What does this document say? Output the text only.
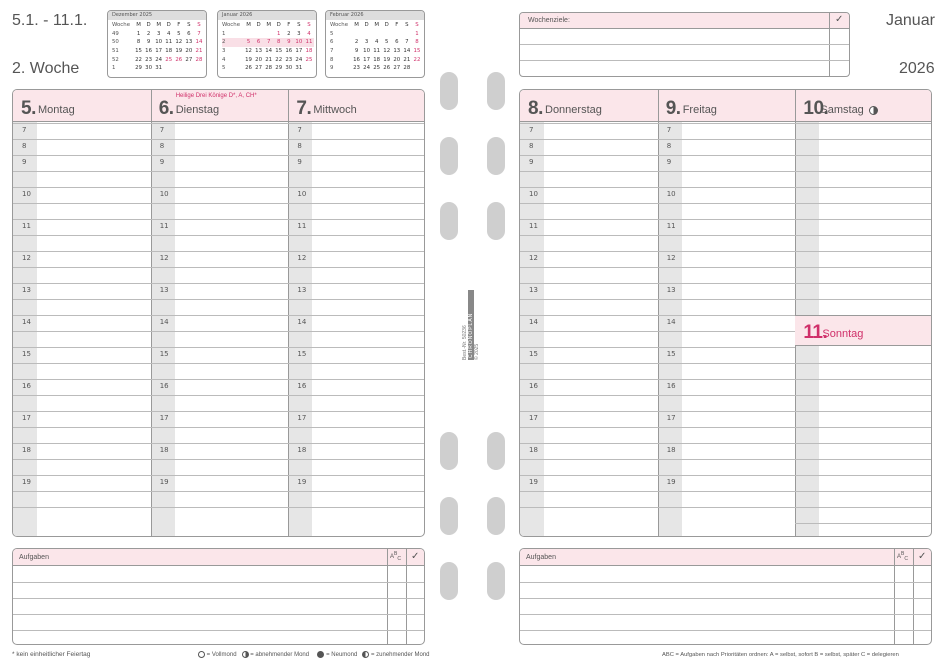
5.1. - 11.1.
2. Woche
Dezember 2025
Woche	M	D	M	D	F	S	S
49	1	2	3	4	5	6	7
50	8	9	10	11	12	13	14
51	15	16	17	18	19	20	21
52	22	23	24	25	26	27	28
1	29	30	31				
Januar 2026
Woche	M	D	M	D	F	S	S
1				1	2	3	4
2	5	6	7	8	9	10	11
3	12	13	14	15	16	17	18
4	19	20	21	22	23	24	25
5	26	27	28	29	30	31	
Februar 2026
Woche	M	D	M	D	F	S	S
5							1
6	2	3	4	5	6	7	8
7	9	10	11	12	13	14	15
8	16	17	18	19	20	21	22
9	23	24	25	26	27	28	
5. Montag	6. Dienstag
Heilige Drei Könige D*, A, CH*
7. Mittwoch
7
8
9
10
11
12
13
14
15
16
17
18
19
7
8
9
10
11
12
13
14
15
16
17
18
19
7
8
9
10
11
12
13
14
15
16
17
18
19
Aufgaben	$A^B_C$ ✓
* kein einheitlicher Feiertag	= Vollmond = abnehmender Mond	= Neumond = zunehmender Mond
Best.-Nr. 50236 CHRONOPLAN © 2025
Wochenziele:	✓	Januar
2026
8. Donnerstag	9. Freitag	10.
Samstag
7
8
9
10
11
12
13
14
15
16
17
18
19
7
8
9
10
11
12
13
14
15
16
17
18
19
11.
Sonntag
Aufgaben	$A^B_C$ ✓
ABC = Aufgaben nach Prioritäten ordnen: A = selbst, sofort B = selbst, später C = delegieren
